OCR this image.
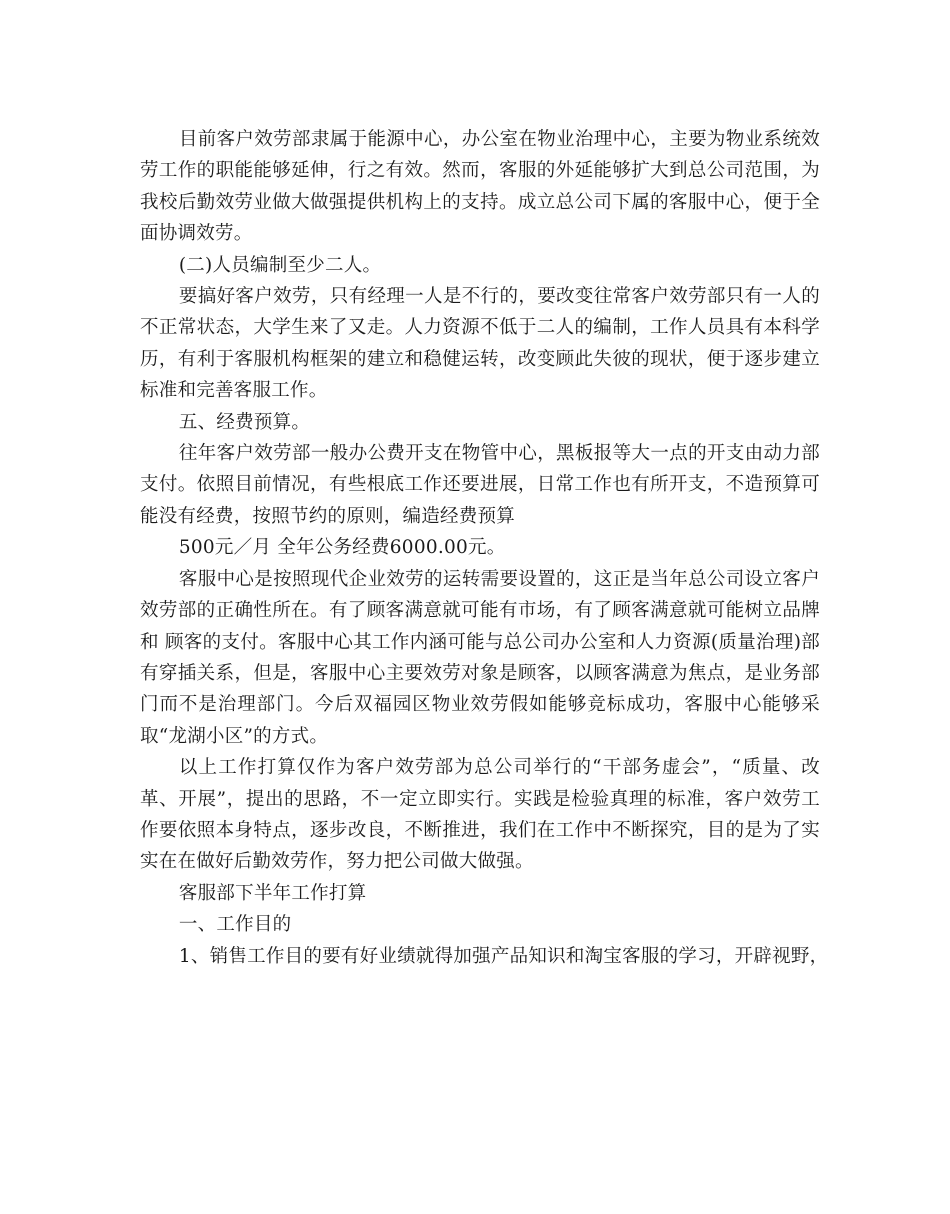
目前客户效劳部隶属于能源中心，办公室在物业治理中心，主要为物业系统效劳工作的职能能够延伸，行之有效。然而，客服的外延能够扩大到总公司范围，为我校后勤效劳业做大做强提供机构上的支持。成立总公司下属的客服中心，便于全面协调效劳。

(二)人员编制至少二人。

要搞好客户效劳，只有经理一人是不行的，要改变往常客户效劳部只有一人的不正常状态，大学生来了又走。人力资源不低于二人的编制，工作人员具有本科学历，有利于客服机构框架的建立和稳健运转，改变顾此失彼的现状，便于逐步建立标准和完善客服工作。

五、经费预算。

往年客户效劳部一般办公费开支在物管中心，黑板报等大一点的开支由动力部支付。依照目前情况，有些根底工作还要进展，日常工作也有所开支，不造预算可能没有经费，按照节约的原则，编造经费预算

500元／月 全年公务经费6000.00元。

客服中心是按照现代企业效劳的运转需要设置的，这正是当年总公司设立客户效劳部的正确性所在。有了顾客满意就可能有市场，有了顾客满意就可能树立品牌和 顾客的支付。客服中心其工作内涵可能与总公司办公室和人力资源(质量治理)部有穿插关系，但是，客服中心主要效劳对象是顾客，以顾客满意为焦点，是业务部 门而不是治理部门。今后双福园区物业效劳假如能够竞标成功，客服中心能够采取“龙湖小区”的方式。

以上工作打算仅作为客户效劳部为总公司举行的“干部务虚会”，“质量、改革、开展”，提出的思路，不一定立即实行。实践是检验真理的标准，客户效劳工作要依照本身特点，逐步改良，不断推进，我们在工作中不断探究，目的是为了实实在在做好后勤效劳作，努力把公司做大做强。

客服部下半年工作打算

一、工作目的

1、销售工作目的要有好业绩就得加强产品知识和淘宝客服的学习，开辟视野，
